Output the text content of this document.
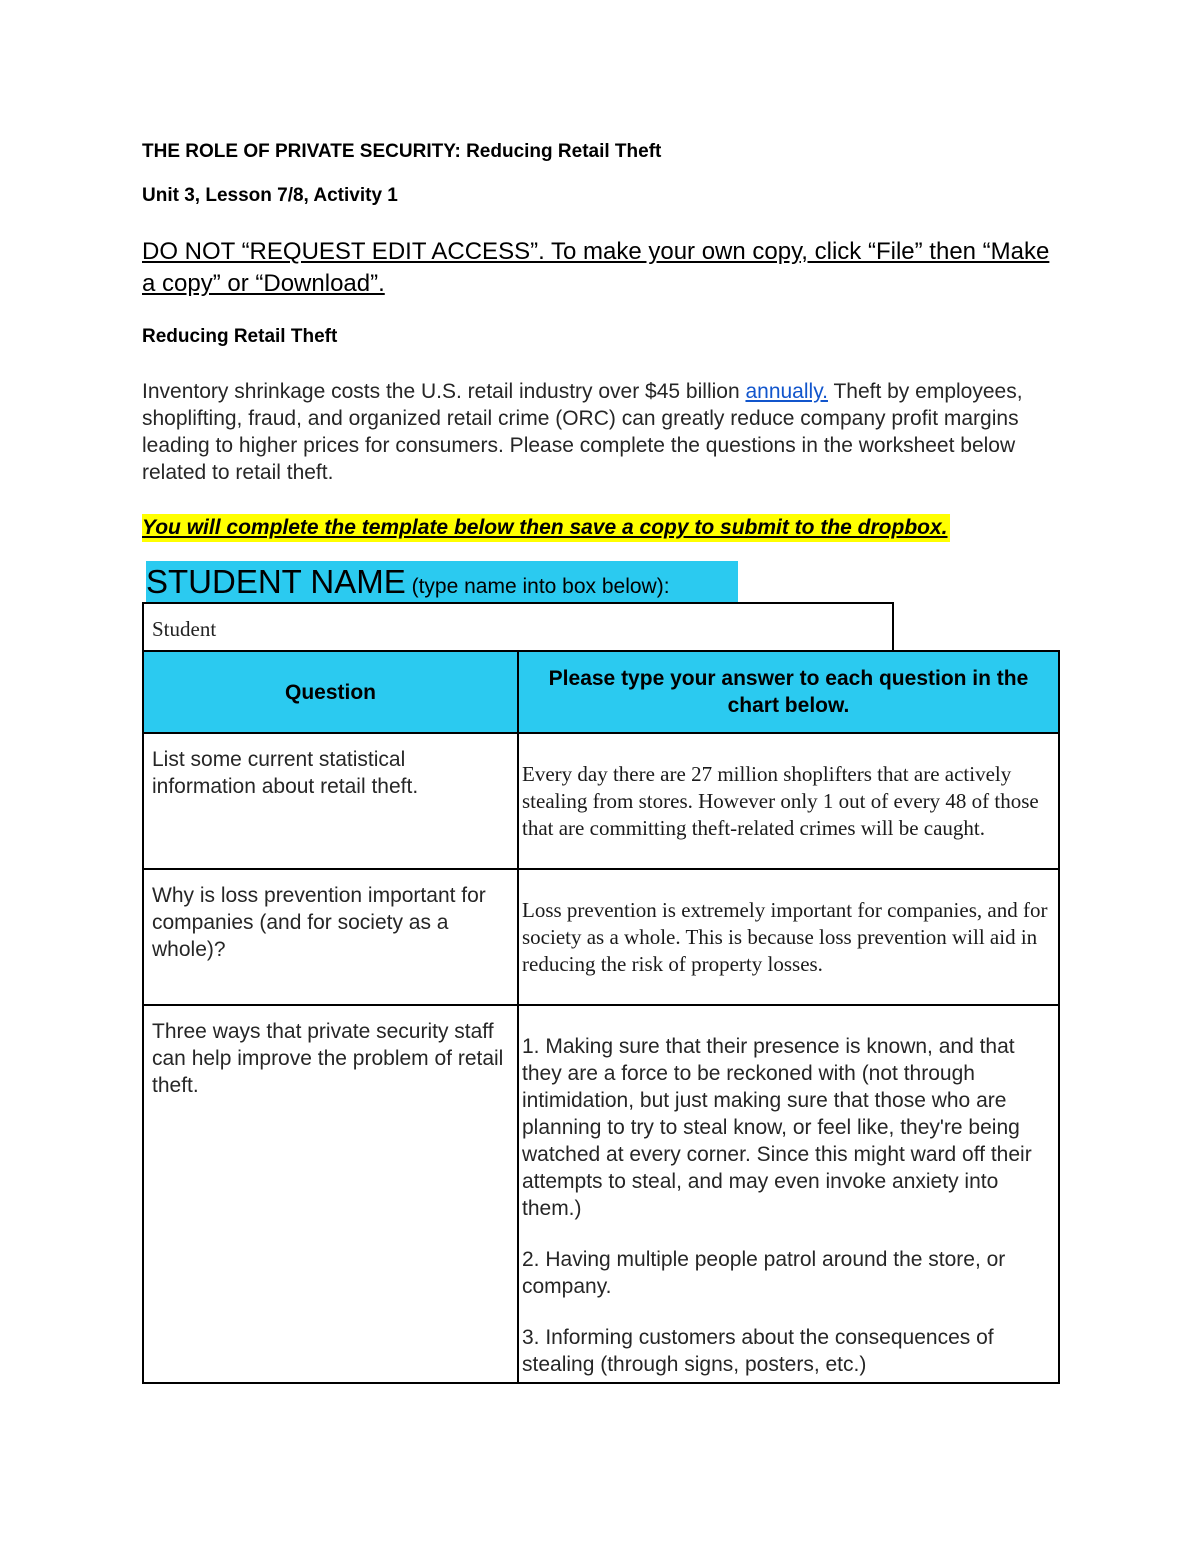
THE ROLE OF PRIVATE SECURITY: Reducing Retail Theft
Unit 3, Lesson 7/8, Activity 1
DO NOT “REQUEST EDIT ACCESS”. To make your own copy, click “File” then “Make a copy” or “Download”.
Reducing Retail Theft
Inventory shrinkage costs the U.S. retail industry over $45 billion annually. Theft by employees, shoplifting, fraud, and organized retail crime (ORC) can greatly reduce company profit margins leading to higher prices for consumers. Please complete the questions in the worksheet below related to retail theft.
You will complete the template below then save a copy to submit to the dropbox.
STUDENT NAME (type name into box below):
Student
Question	Please type your answer to each question in the chart below.

List some current statistical information about retail theft.	Every day there are 27 million shoplifters that are actively stealing from stores. However only 1 out of every 48 of those that are committing theft-related crimes will be caught.

Why is loss prevention important for companies (and for society as a whole)?	Loss prevention is extremely important for companies, and for society as a whole. This is because loss prevention will aid in reducing the risk of property losses.

Three ways that private security staff can help improve the problem of retail theft.	1. Making sure that their presence is known, and that they are a force to be reckoned with (not through intimidation, but just making sure that those who are planning to try to steal know, or feel like, they're being watched at every corner. Since this might ward off their attempts to steal, and may even invoke anxiety into them.)

2. Having multiple people patrol around the store, or company.

3. Informing customers about the consequences of stealing (through signs, posters, etc.)
